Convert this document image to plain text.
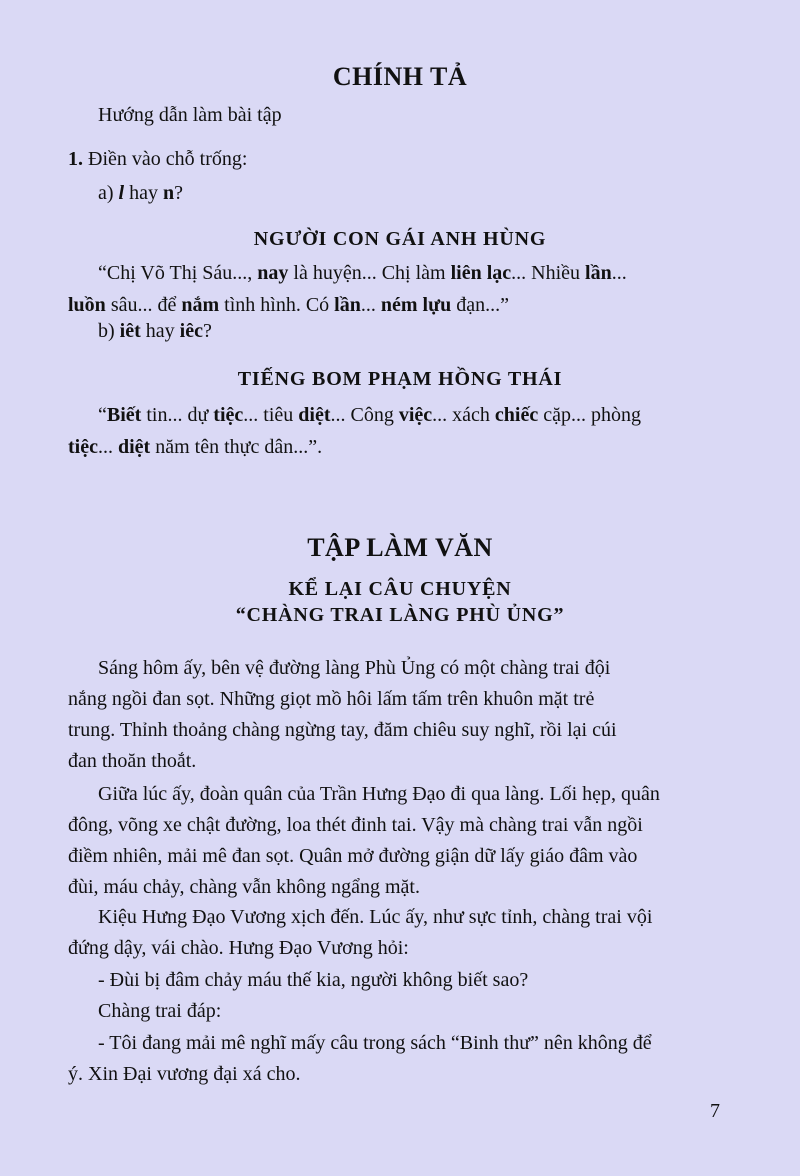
CHÍNH TẢ
Hướng dẫn làm bài tập
1. Điền vào chỗ trống:
a) l hay n?
NGƯỜI CON GÁI ANH HÙNG
“Chị Võ Thị Sáu..., nay là huyện... Chị làm liên lạc... Nhiều lần...
luồn sâu... để nắm tình hình. Có lần... ném lựu đạn...”
b) iêt hay iêc?
TIẾNG BOM PHẠM HỒNG THÁI
“Biết tin... dự tiệc... tiêu diệt... Công việc... xách chiếc cặp... phòng
tiệc... diệt năm tên thực dân...”.
TẬP LÀM VĂN
KỂ LẠI CÂU CHUYỆN
“CHÀNG TRAI LÀNG PHÙ ỦNG”
Sáng hôm ấy, bên vệ đường làng Phù Ủng có một chàng trai đội
nắng ngồi đan sọt. Những giọt mồ hôi lấm tấm trên khuôn mặt trẻ
trung. Thỉnh thoảng chàng ngừng tay, đăm chiêu suy nghĩ, rồi lại cúi
đan thoăn thoắt.
Giữa lúc ấy, đoàn quân của Trần Hưng Đạo đi qua làng. Lối hẹp, quân
đông, võng xe chật đường, loa thét đinh tai. Vậy mà chàng trai vẫn ngồi
điềm nhiên, mải mê đan sọt. Quân mở đường giận dữ lấy giáo đâm vào
đùi, máu chảy, chàng vẫn không ngẩng mặt.
Kiệu Hưng Đạo Vương xịch đến. Lúc ấy, như sực tỉnh, chàng trai vội
đứng dậy, vái chào. Hưng Đạo Vương hỏi:
- Đùi bị đâm chảy máu thế kia, người không biết sao?
Chàng trai đáp:
- Tôi đang mải mê nghĩ mấy câu trong sách “Binh thư” nên không để
ý. Xin Đại vương đại xá cho.
7
